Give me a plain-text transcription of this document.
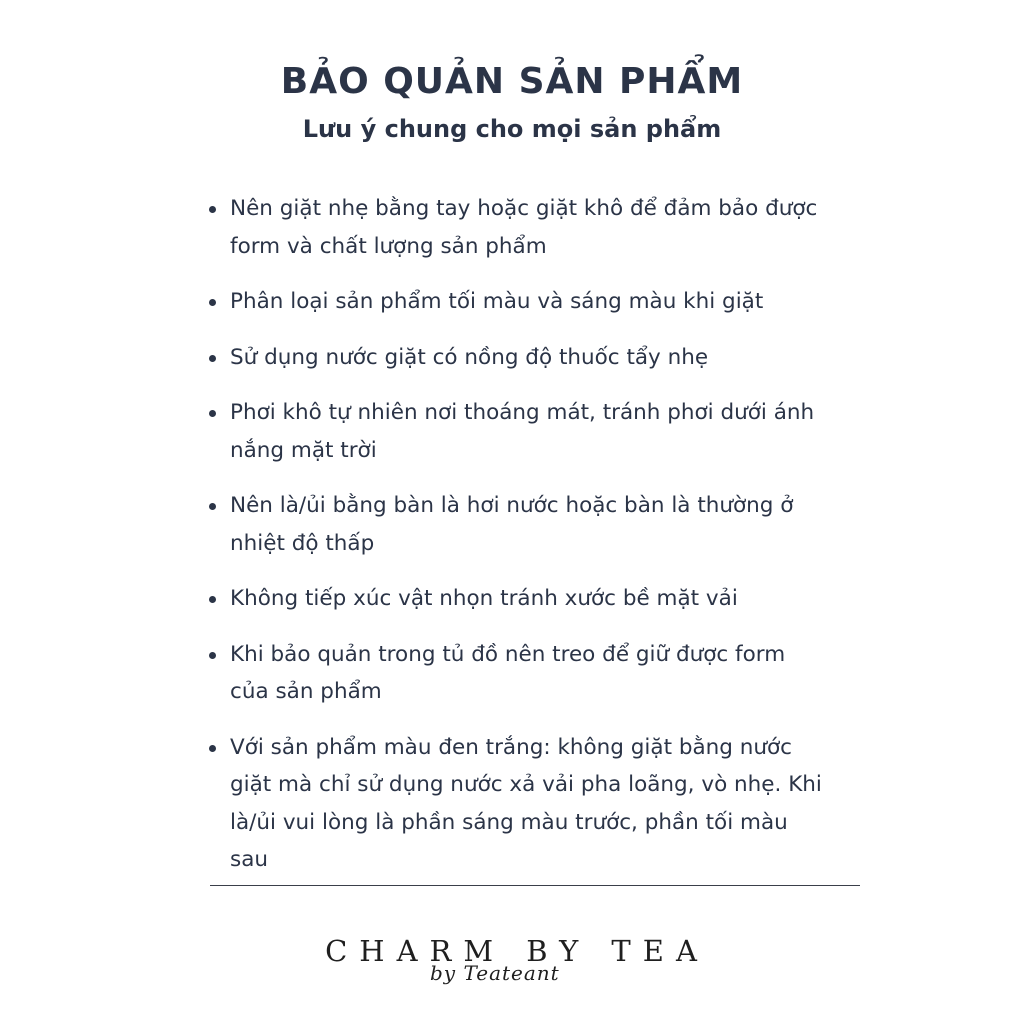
BẢO QUẢN SẢN PHẨM
Lưu ý chung cho mọi sản phẩm
Nên giặt nhẹ bằng tay hoặc giặt khô để đảm bảo được
form và chất lượng sản phẩm
Phân loại sản phẩm tối màu và sáng màu khi giặt
Sử dụng nước giặt có nồng độ thuốc tẩy nhẹ
Phơi khô tự nhiên nơi thoáng mát, tránh phơi dưới ánh
nắng mặt trời
Nên là/ủi bằng bàn là hơi nước hoặc bàn là thường ở
nhiệt độ thấp
Không tiếp xúc vật nhọn tránh xước bề mặt vải
Khi bảo quản trong tủ đồ nên treo để giữ được form
của sản phẩm
Với sản phẩm màu đen trắng: không giặt bằng nước
giặt mà chỉ sử dụng nước xả vải pha loãng, vò nhẹ. Khi
là/ủi vui lòng là phần sáng màu trước, phần tối màu sau
CHARM BY TEA
by Teateant
